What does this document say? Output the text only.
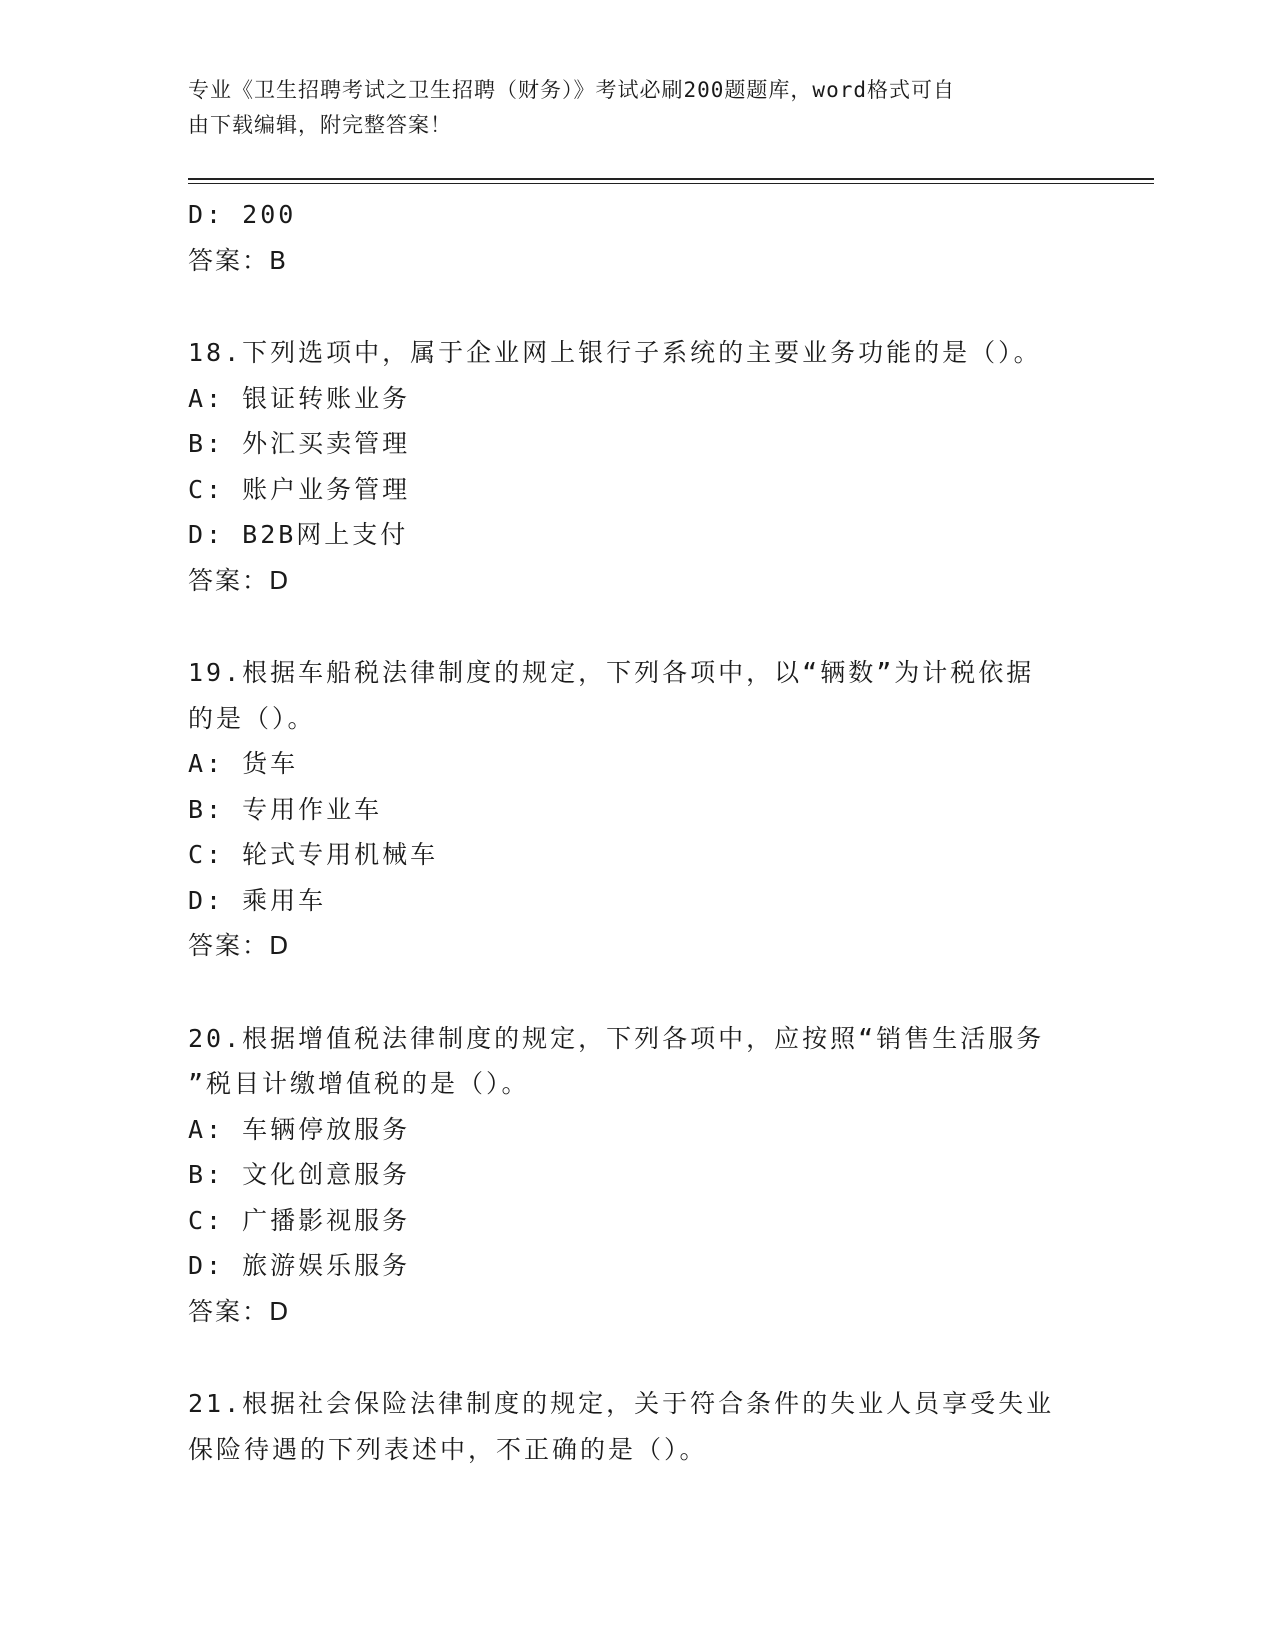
专业《卫生招聘考试之卫生招聘（财务）》考试必刷200题题库，word格式可自
由下载编辑，附完整答案！
D: 200
答案：B
18.下列选项中，属于企业网上银行子系统的主要业务功能的是（）。
A: 银证转账业务
B: 外汇买卖管理
C: 账户业务管理
D: B2B网上支付
答案：D
19.根据车船税法律制度的规定，下列各项中，以“辆数”为计税依据
的是（）。
A: 货车
B: 专用作业车
C: 轮式专用机械车
D: 乘用车
答案：D
20.根据增值税法律制度的规定，下列各项中，应按照“销售生活服务
”税目计缴增值税的是（）。
A: 车辆停放服务
B: 文化创意服务
C: 广播影视服务
D: 旅游娱乐服务
答案：D
21.根据社会保险法律制度的规定，关于符合条件的失业人员享受失业
保险待遇的下列表述中，不正确的是（）。
